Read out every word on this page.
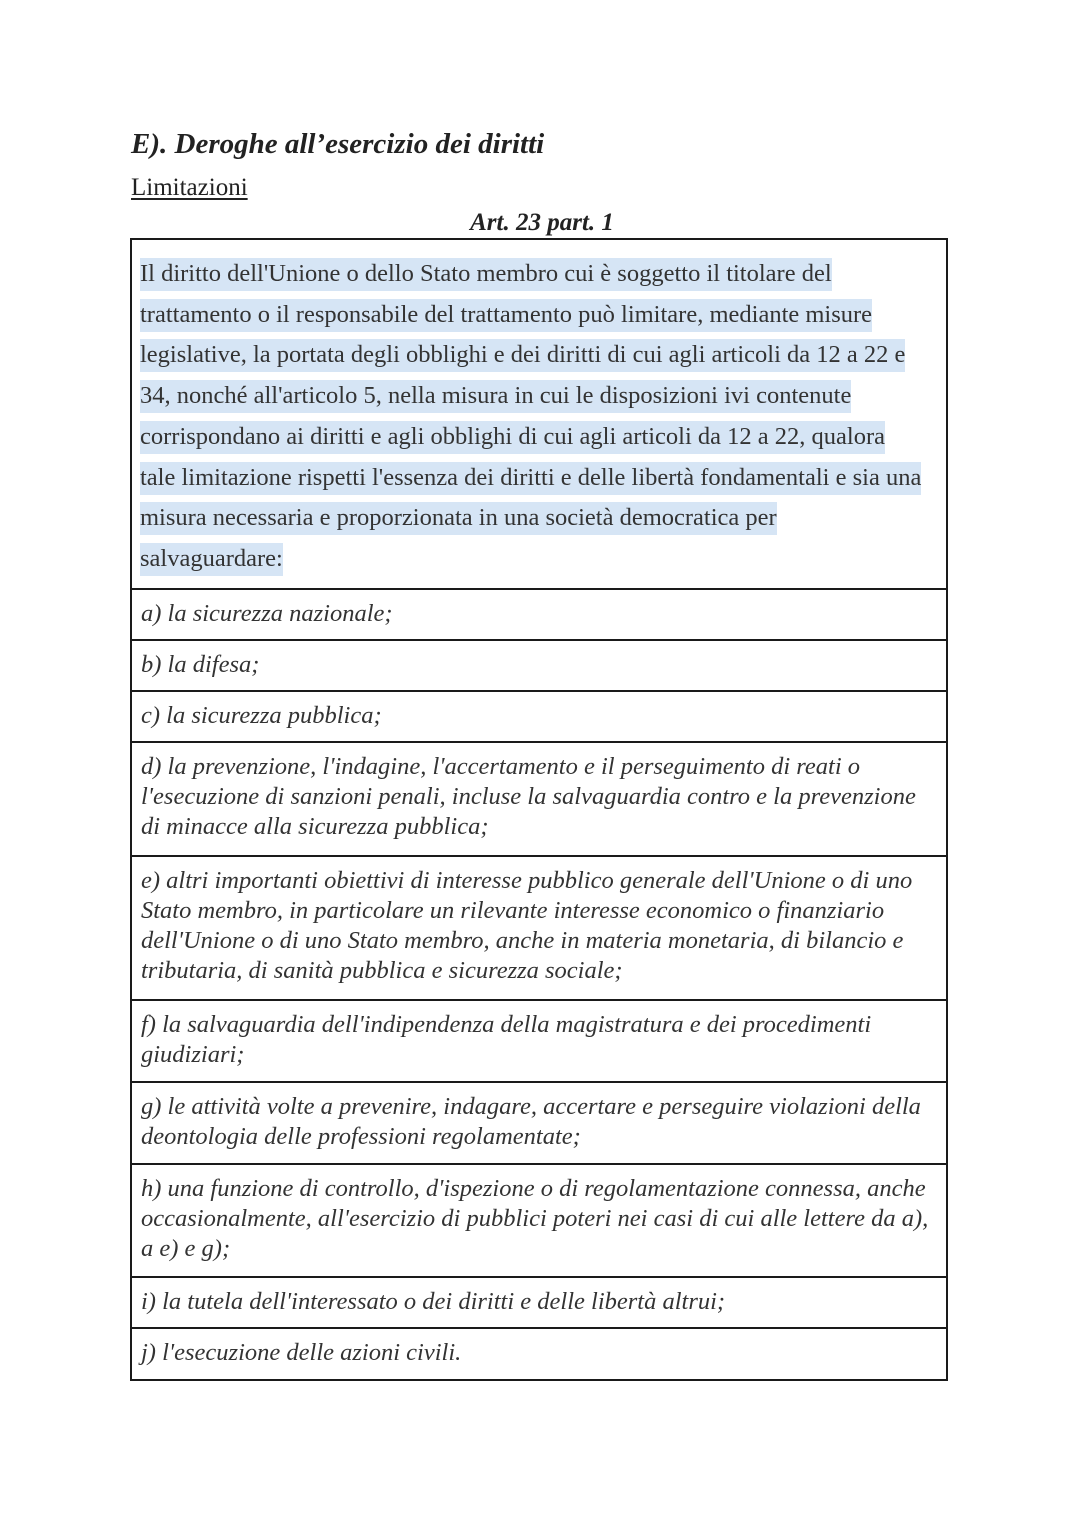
E). Deroghe all’esercizio dei diritti
Limitazioni
Art. 23 part. 1
Il diritto dell'Unione o dello Stato membro cui è soggetto il titolare del trattamento o il responsabile del trattamento può limitare, mediante misure legislative, la portata degli obblighi e dei diritti di cui agli articoli da 12 a 22 e 34, nonché all'articolo 5, nella misura in cui le disposizioni ivi contenute corrispondano ai diritti e agli obblighi di cui agli articoli da 12 a 22, qualora tale limitazione rispetti l'essenza dei diritti e delle libertà fondamentali e sia una misura necessaria e proporzionata in una società democratica per salvaguardare:
a) la sicurezza nazionale;
b) la difesa;
c) la sicurezza pubblica;
d) la prevenzione, l'indagine, l'accertamento e il perseguimento di reati o l'esecuzione di sanzioni penali, incluse la salvaguardia contro e la prevenzione di minacce alla sicurezza pubblica;
e) altri importanti obiettivi di interesse pubblico generale dell'Unione o di uno Stato membro, in particolare un rilevante interesse economico o finanziario dell'Unione o di uno Stato membro, anche in materia monetaria, di bilancio e tributaria, di sanità pubblica e sicurezza sociale;
f) la salvaguardia dell'indipendenza della magistratura e dei procedimenti giudiziari;
g) le attività volte a prevenire, indagare, accertare e perseguire violazioni della deontologia delle professioni regolamentate;
h) una funzione di controllo, d'ispezione o di regolamentazione connessa, anche occasionalmente, all'esercizio di pubblici poteri nei casi di cui alle lettere da a), a e) e g);
i) la tutela dell'interessato o dei diritti e delle libertà altrui;
j) l'esecuzione delle azioni civili.
